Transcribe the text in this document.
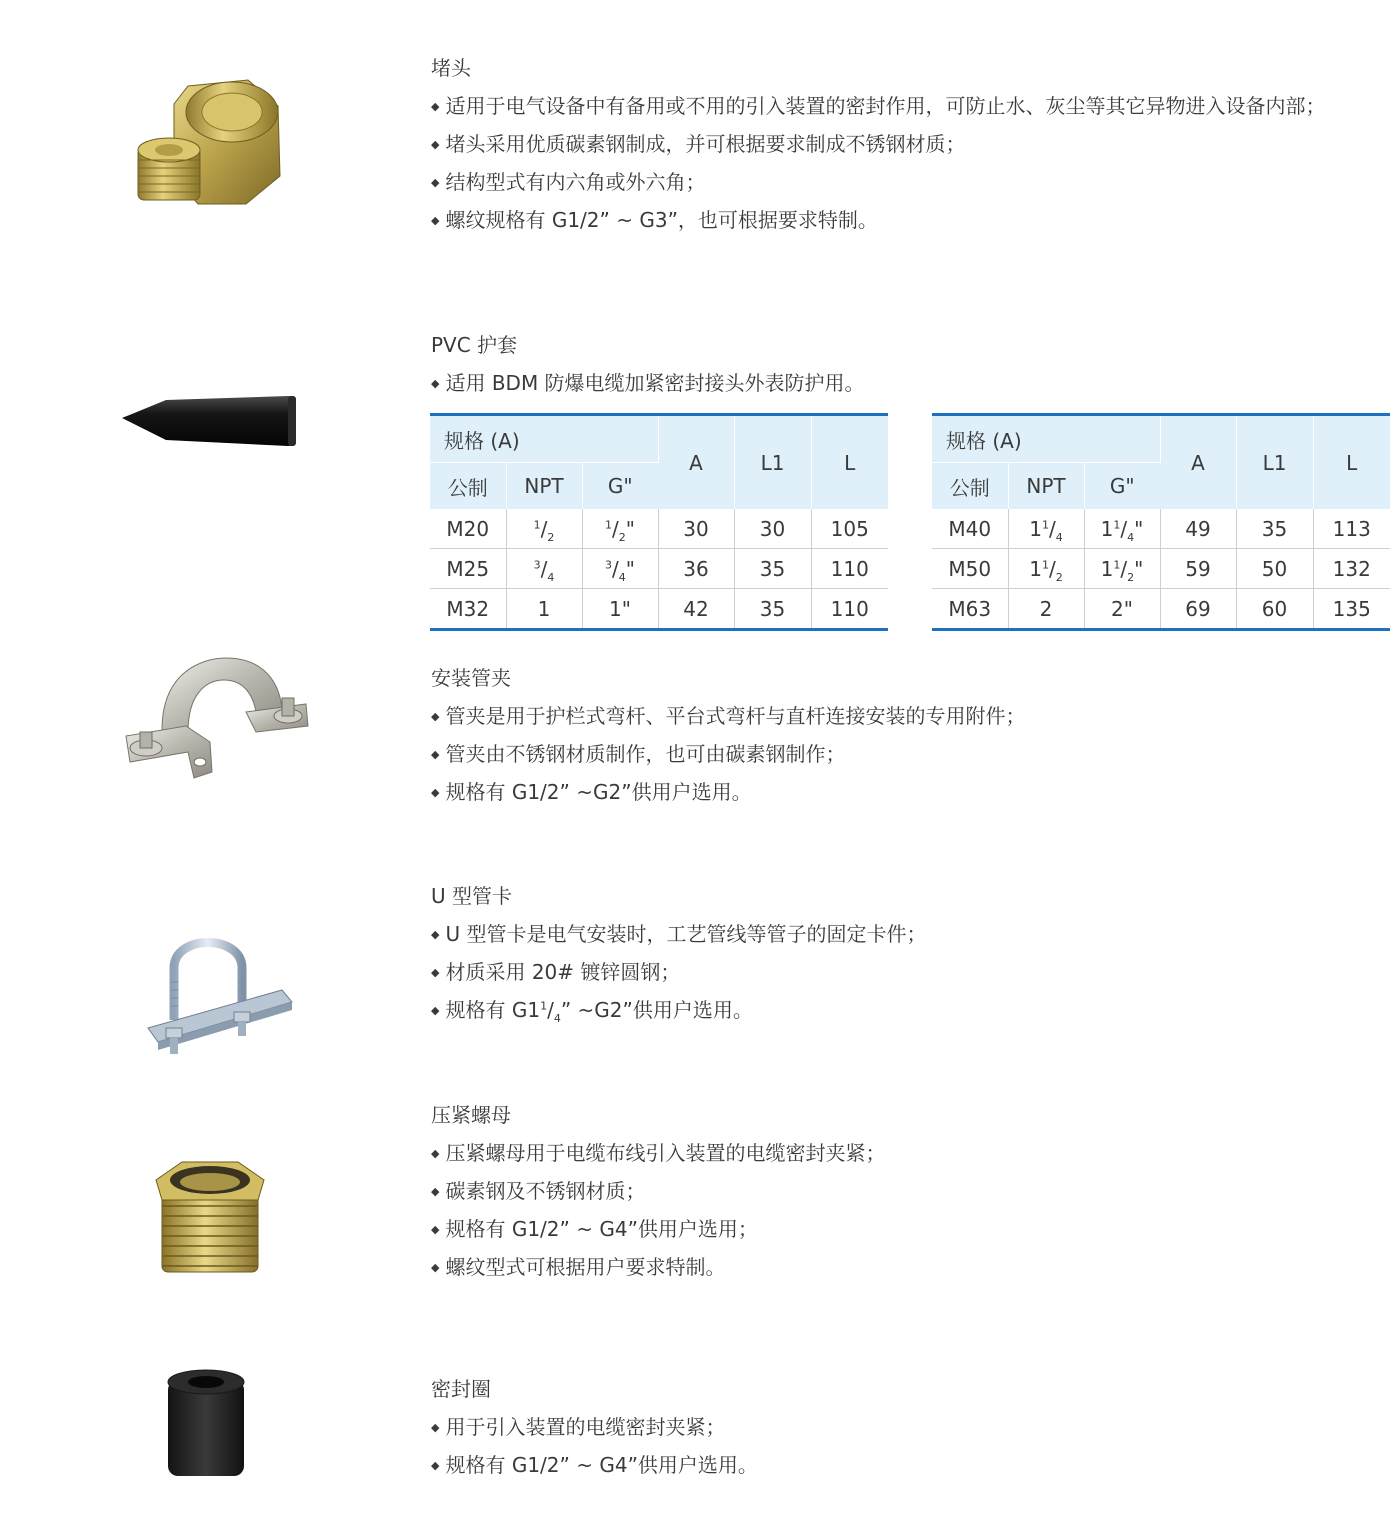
堵头

◆ 适用于电气设备中有备用或不用的引入装置的密封作用，可防止水、灰尘等其它异物进入设备内部；
◆ 堵头采用优质碳素钢制成，并可根据要求制成不锈钢材质；
◆ 结构型式有内六角或外六角；
◆ 螺纹规格有 G1/2” ~ G3”，也可根据要求特制。

PVC 护套

◆ 适用 BDM 防爆电缆加紧密封接头外表防护用。
规格 (A)			A	L1	L
公制	NPT	G"			
M20	$^1/_2$	$^1/_2$"	30	30	105
M25	$^3/_4$	$^3/_4$"	36	35	110
M32	1	1"	42	35	110
规格 (A)			A	L1	L
公制	NPT	G"			
M40	$1^1/_4$	$1^1/_4$"	49	35	113
M50	$1^1/_2$	$1^1/_2$"	59	50	132
M63	2	2"	69	60	135

安装管夹

◆ 管夹是用于护栏式弯杆、平台式弯杆与直杆连接安装的专用附件；
◆ 管夹由不锈钢材质制作，也可由碳素钢制作；
◆ 规格有 G1/2” ~G2”供用户选用。

U 型管卡

◆ U 型管卡是电气安装时，工艺管线等管子的固定卡件；
◆ 材质采用 20# 镀锌圆钢；
◆ 规格有 $G1^1/_4$” ~G2”供用户选用。

压紧螺母

◆ 压紧螺母用于电缆布线引入装置的电缆密封夹紧；
◆ 碳素钢及不锈钢材质；
◆ 规格有 G1/2” ~ G4”供用户选用；
◆ 螺纹型式可根据用户要求特制。

密封圈

◆ 用于引入装置的电缆密封夹紧；
◆ 规格有 G1/2” ~ G4”供用户选用。
